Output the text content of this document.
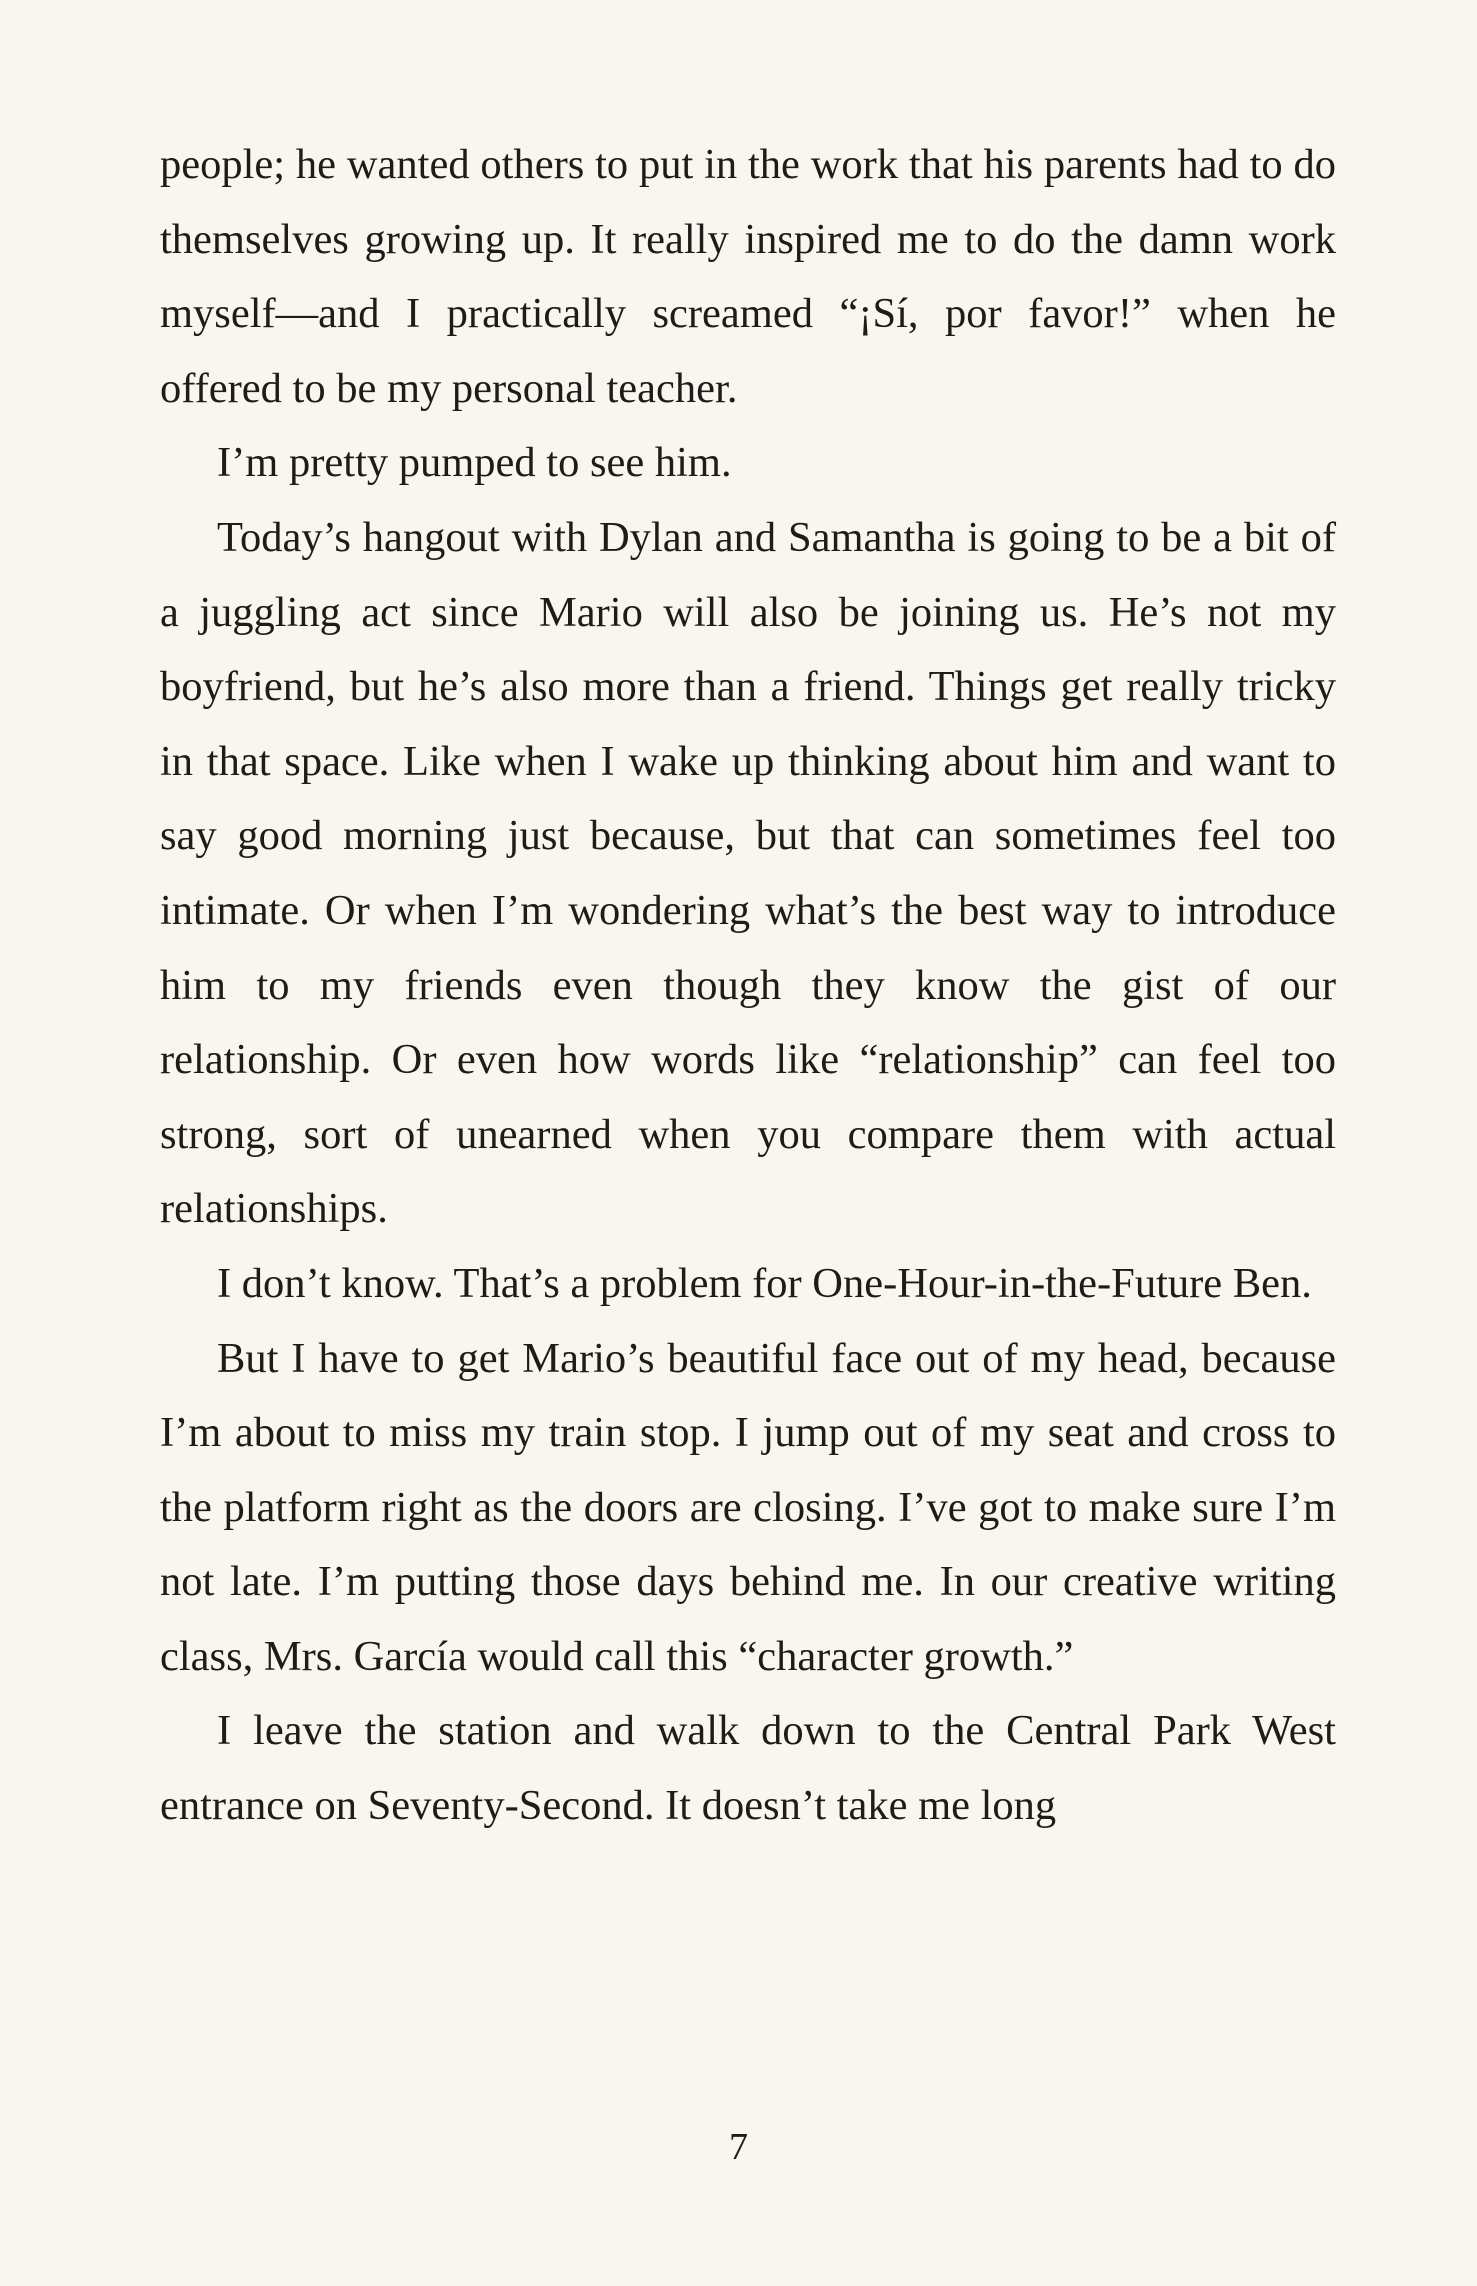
people; he wanted others to put in the work that his parents had to do themselves growing up. It really inspired me to do the damn work myself—and I practically screamed “¡Sí, por favor!” when he offered to be my personal teacher.

I’m pretty pumped to see him.

Today’s hangout with Dylan and Samantha is going to be a bit of a juggling act since Mario will also be joining us. He’s not my boyfriend, but he’s also more than a friend. Things get really tricky in that space. Like when I wake up thinking about him and want to say good morning just because, but that can sometimes feel too intimate. Or when I’m wondering what’s the best way to introduce him to my friends even though they know the gist of our relationship. Or even how words like “relationship” can feel too strong, sort of unearned when you compare them with actual relationships.

I don’t know. That’s a problem for One-Hour-in-the-Future Ben.

But I have to get Mario’s beautiful face out of my head, because I’m about to miss my train stop. I jump out of my seat and cross to the platform right as the doors are closing. I’ve got to make sure I’m not late. I’m putting those days behind me. In our creative writing class, Mrs. García would call this “character growth.”

I leave the station and walk down to the Central Park West entrance on Seventy-Second. It doesn’t take me long

7
